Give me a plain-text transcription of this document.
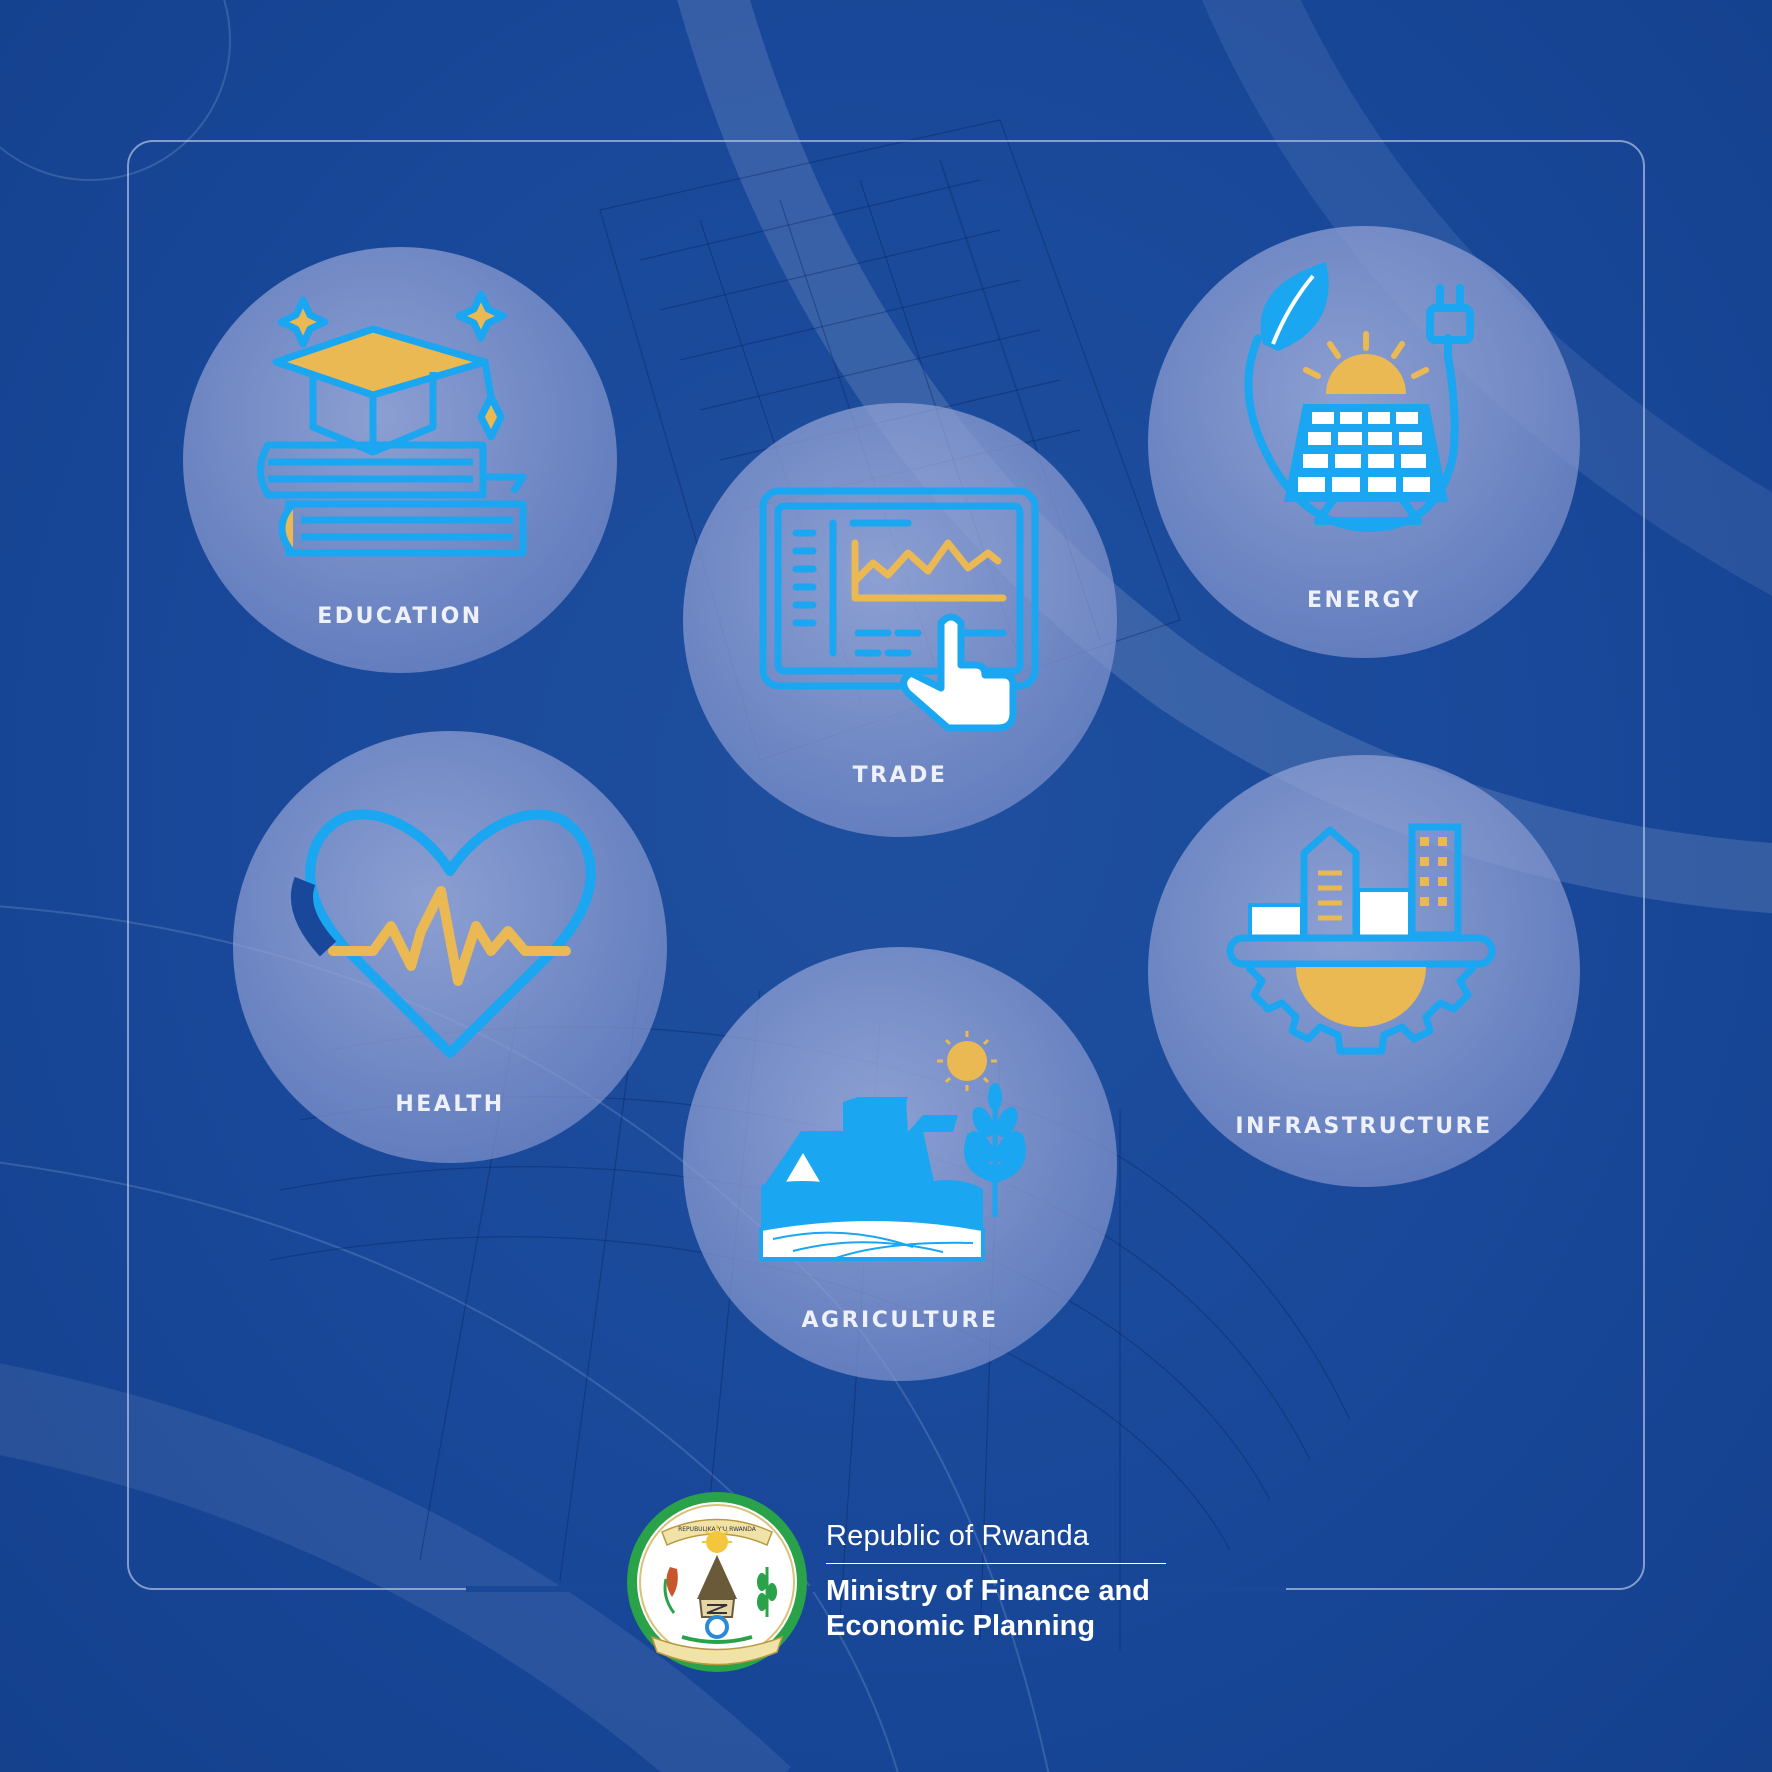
EDUCATION
TRADE
ENERGY
HEALTH
AGRICULTURE
INFRASTRUCTURE
REPUBULIKA Y'U RWANDA Republic of Rwanda
Ministry of Finance and
Economic Planning
